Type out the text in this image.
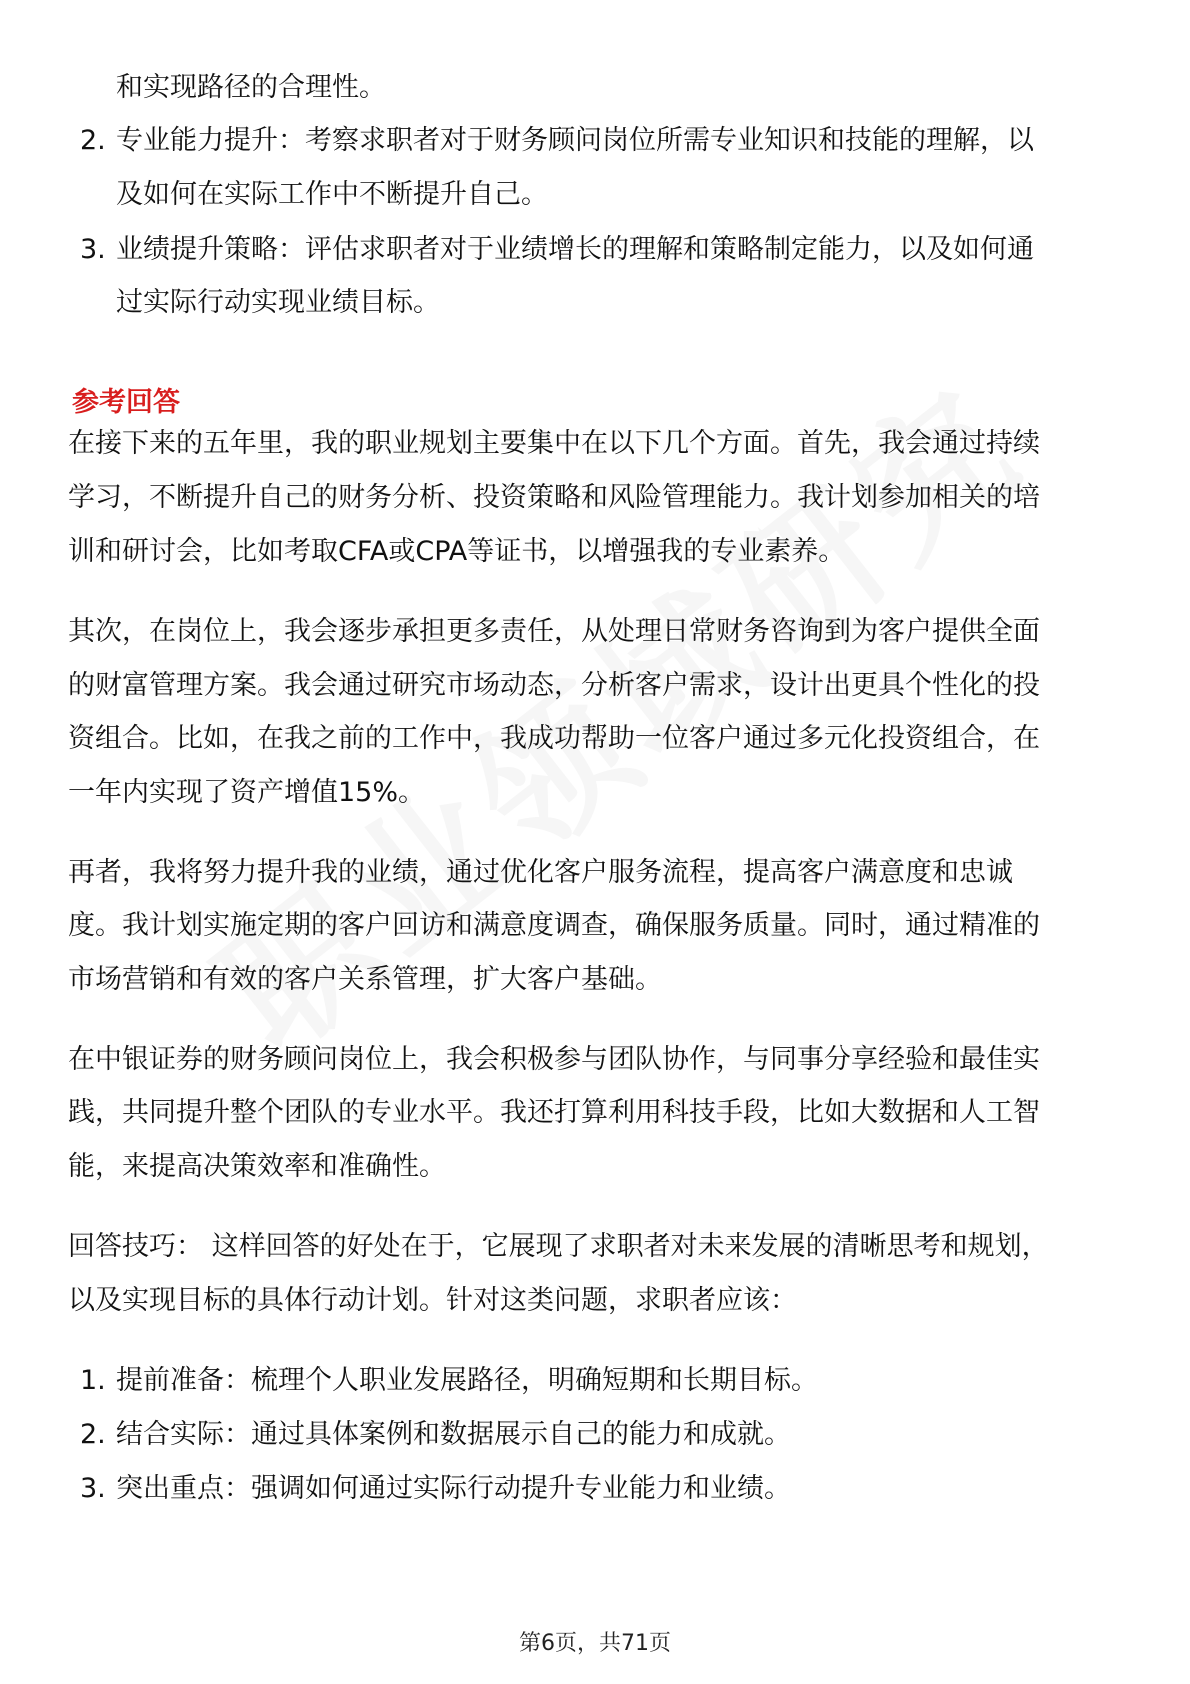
和实现路径的合理性。
2. 专业能力提升：考察求职者对于财务顾问岗位所需专业知识和技能的理解，以
及如何在实际工作中不断提升自己。
3. 业绩提升策略：评估求职者对于业绩增长的理解和策略制定能力，以及如何通
过实际行动实现业绩目标。
参考回答
在接下来的五年里，我的职业规划主要集中在以下几个方面。首先，我会通过持续
学习，不断提升自己的财务分析、投资策略和风险管理能力。我计划参加相关的培
训和研讨会，比如考取CFA或CPA等证书，以增强我的专业素养。
其次，在岗位上，我会逐步承担更多责任，从处理日常财务咨询到为客户提供全面
的财富管理方案。我会通过研究市场动态，分析客户需求，设计出更具个性化的投
资组合。比如，在我之前的工作中，我成功帮助一位客户通过多元化投资组合，在
一年内实现了资产增值15%。
再者，我将努力提升我的业绩，通过优化客户服务流程，提高客户满意度和忠诚
度。我计划实施定期的客户回访和满意度调查，确保服务质量。同时，通过精准的
市场营销和有效的客户关系管理，扩大客户基础。
在中银证券的财务顾问岗位上，我会积极参与团队协作，与同事分享经验和最佳实
践，共同提升整个团队的专业水平。我还打算利用科技手段，比如大数据和人工智
能，来提高决策效率和准确性。
回答技巧： 这样回答的好处在于，它展现了求职者对未来发展的清晰思考和规划，
以及实现目标的具体行动计划。针对这类问题，求职者应该：
1. 提前准备：梳理个人职业发展路径，明确短期和长期目标。
2. 结合实际：通过具体案例和数据展示自己的能力和成就。
3. 突出重点：强调如何通过实际行动提升专业能力和业绩。
第6页，共71页
